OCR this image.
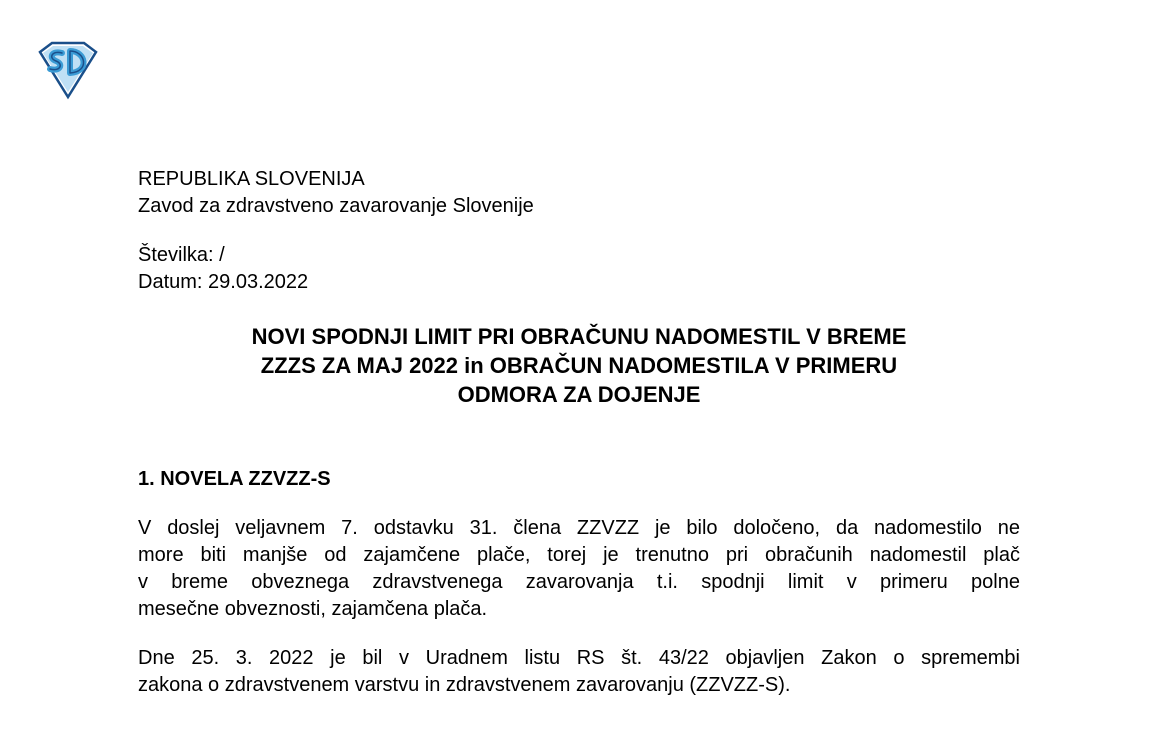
REPUBLIKA SLOVENIJA

Zavod za zdravstveno zavarovanje Slovenije

Številka: /

Datum: 29.03.2022

NOVI SPODNJI LIMIT PRI OBRAČUNU NADOMESTIL V BREME
ZZZS ZA MAJ 2022 in OBRAČUN NADOMESTILA V PRIMERU
ODMORA ZA DOJENJE
1. NOVELA ZZVZZ-S
V doslej veljavnem 7. odstavku 31. člena ZZVZZ je bilo določeno, da nadomestilo ne
more biti manjše od zajamčene plače, torej je trenutno pri obračunih nadomestil plač
v breme obveznega zdravstvenega zavarovanja t.i. spodnji limit v primeru polne
mesečne obveznosti, zajamčena plača.
Dne 25. 3. 2022 je bil v Uradnem listu RS št. 43/22 objavljen Zakon o spremembi
zakona o zdravstvenem varstvu in zdravstvenem zavarovanju (ZZVZZ-S).
